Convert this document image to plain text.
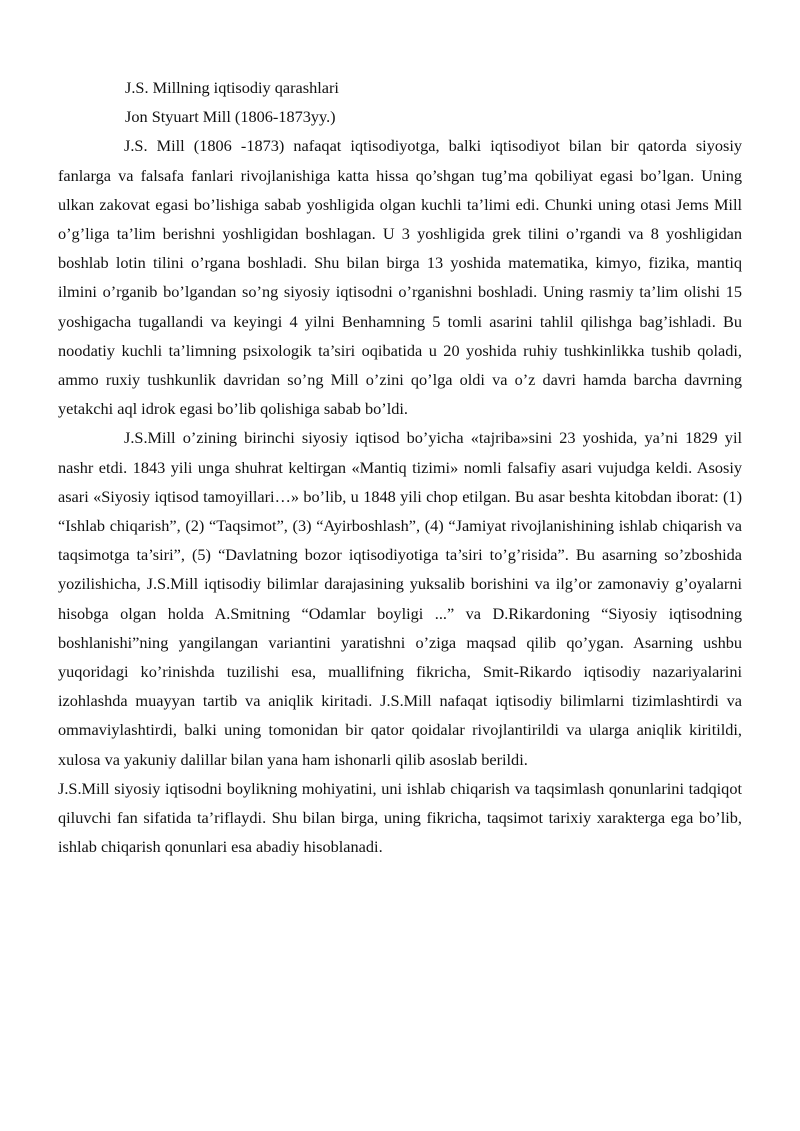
J.S. Millning iqtisodiy qarashlari

Jon Styuart Mill (1806-1873yy.)

J.S. Mill (1806 -1873) nafaqat iqtisodiyotga, balki iqtisodiyot bilan bir qatorda siyosiy fanlarga va falsafa fanlari rivojlanishiga katta hissa qo’shgan tug’ma qobiliyat egasi bo’lgan. Uning ulkan zakovat egasi bo’lishiga sabab yoshligida olgan kuchli ta’limi edi. Chunki uning otasi Jems Mill o’g’liga ta’lim berishni yoshligidan boshlagan. U 3 yoshligida grek tilini o’rgandi va 8 yoshligidan boshlab lotin tilini o’rgana boshladi. Shu bilan birga 13 yoshida matematika, kimyo, fizika, mantiq ilmini o’rganib bo’lgandan so’ng siyosiy iqtisodni o’rganishni boshladi. Uning rasmiy ta’lim olishi 15 yoshigacha tugallandi va keyingi 4 yilni Benhamning 5 tomli asarini tahlil qilishga bag’ishladi. Bu noodatiy kuchli ta’limning psixologik ta’siri oqibatida u 20 yoshida ruhiy tushkinlikka tushib qoladi, ammo ruxiy tushkunlik davridan so’ng Mill o’zini qo’lga oldi va o’z davri hamda barcha davrning yetakchi aql idrok egasi bo’lib qolishiga sabab bo’ldi.

J.S.Mill o’zining birinchi siyosiy iqtisod bo’yicha «tajriba»sini 23 yoshida, ya’ni 1829 yil nashr etdi. 1843 yili unga shuhrat keltirgan «Mantiq tizimi» nomli falsafiy asari vujudga keldi. Asosiy asari «Siyosiy iqtisod tamoyillari…» bo’lib, u 1848 yili chop etilgan. Bu asar beshta kitobdan iborat: (1) “Ishlab chiqarish”, (2) “Taqsimot”, (3) “Ayirboshlash”, (4) “Jamiyat rivojlanishining ishlab chiqarish va taqsimotga ta’siri”, (5) “Davlatning bozor iqtisodiyotiga ta’siri to’g’risida”. Bu asarning so’zboshida yozilishicha, J.S.Mill iqtisodiy bilimlar darajasining yuksalib borishini va ilg’or zamonaviy g’oyalarni hisobga olgan holda A.Smitning “Odamlar boyligi ...” va D.Rikardoning “Siyosiy iqtisodning boshlanishi”ning yangilangan variantini yaratishni o’ziga maqsad qilib qo’ygan. Asarning ushbu yuqoridagi ko’rinishda tuzilishi esa, muallifning fikricha, Smit-Rikardo iqtisodiy nazariyalarini izohlashda muayyan tartib va aniqlik kiritadi. J.S.Mill nafaqat iqtisodiy bilimlarni tizimlashtirdi va ommaviylashtirdi, balki uning tomonidan bir qator qoidalar rivojlantirildi va ularga aniqlik kiritildi, xulosa va yakuniy dalillar bilan yana ham ishonarli qilib asoslab berildi.

J.S.Mill siyosiy iqtisodni boylikning mohiyatini, uni ishlab chiqarish va taqsimlash qonunlarini tadqiqot qiluvchi fan sifatida ta’riflaydi. Shu bilan birga, uning fikricha, taqsimot tarixiy xarakterga ega bo’lib, ishlab chiqarish qonunlari esa abadiy hisoblanadi.
